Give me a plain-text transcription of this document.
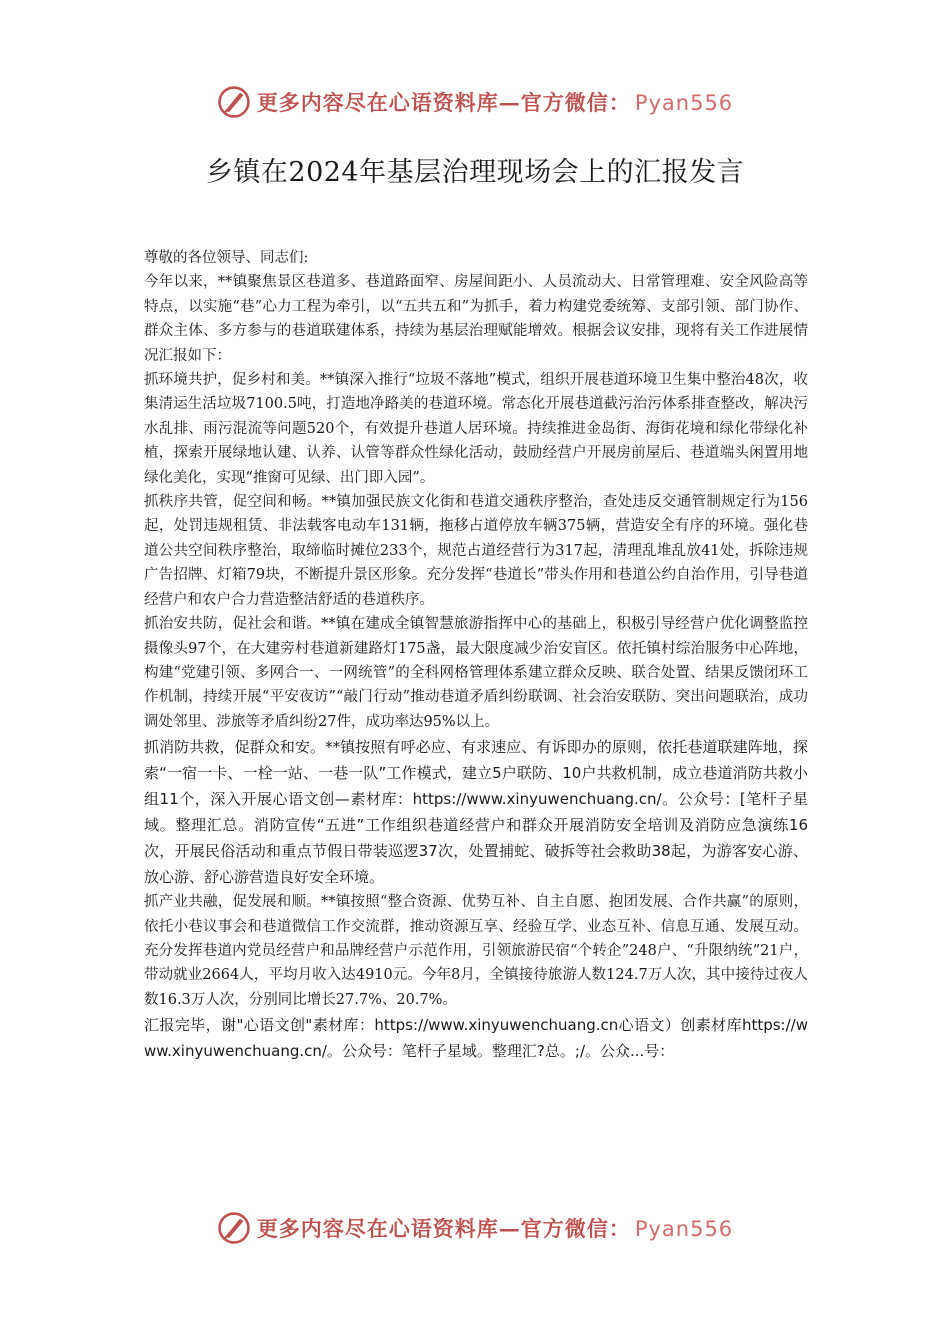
更多内容尽在心语资料库—官方微信： Pyan556
乡镇在2024年基层治理现场会上的汇报发言

尊敬的各位领导、同志们:

今年以来，**镇聚焦景区巷道多、巷道路面窄、房屋间距小、人员流动大、日常管理难、安全风险高等特点，以实施“巷”心力工程为牵引，以“五共五和”为抓手，着力构建党委统筹、支部引领、部门协作、群众主体、多方参与的巷道联建体系，持续为基层治理赋能增效。根据会议安排，现将有关工作进展情况汇报如下：

抓环境共护，促乡村和美。**镇深入推行“垃圾不落地”模式，组织开展巷道环境卫生集中整治48次，收集清运生活垃圾7100.5吨，打造地净路美的巷道环境。常态化开展巷道截污治污体系排查整改，解决污水乱排、雨污混流等问题520个，有效提升巷道人居环境。持续推进金岛街、海街花境和绿化带绿化补植，探索开展绿地认建、认养、认管等群众性绿化活动，鼓励经营户开展房前屋后、巷道端头闲置用地绿化美化，实现“推窗可见绿、出门即入园”。

抓秩序共管，促空间和畅。**镇加强民族文化街和巷道交通秩序整治，查处违反交通管制规定行为156起，处罚违规租赁、非法载客电动车131辆，拖移占道停放车辆375辆，营造安全有序的环境。强化巷道公共空间秩序整治，取缔临时摊位233个，规范占道经营行为317起，清理乱堆乱放41处，拆除违规广告招牌、灯箱79块，不断提升景区形象。充分发挥“巷道长”带头作用和巷道公约自治作用，引导巷道经营户和农户合力营造整洁舒适的巷道秩序。

抓治安共防，促社会和谐。**镇在建成全镇智慧旅游指挥中心的基础上，积极引导经营户优化调整监控摄像头97个，在大建旁村巷道新建路灯175盏，最大限度减少治安盲区。依托镇村综治服务中心阵地，构建“党建引领、多网合一、一网统管”的全科网格管理体系建立群众反映、联合处置、结果反馈闭环工作机制，持续开展“平安夜访”“敲门行动”推动巷道矛盾纠纷联调、社会治安联防、突出问题联治，成功调处邻里、涉旅等矛盾纠纷27件，成功率达95%以上。

抓消防共救，促群众和安。**镇按照有呼必应、有求速应、有诉即办的原则，依托巷道联建阵地，探索“一宿一卡、一栓一站、一巷一队”工作模式，建立5户联防、10户共救机制，成立巷道消防共救小组11个，深入开展心语文创—素材库：https://www.xinyuwenchuang.cn/。公众号：[笔杆子星域。整理汇总。消防宣传“五进”工作组织巷道经营户和群众开展消防安全培训及消防应急演练16次，开展民俗活动和重点节假日带装巡逻37次，处置捕蛇、破拆等社会救助38起，为游客安心游、放心游、舒心游营造良好安全环境。

抓产业共融，促发展和顺。**镇按照“整合资源、优势互补、自主自愿、抱团发展、合作共赢”的原则，依托小巷议事会和巷道微信工作交流群，推动资源互享、经验互学、业态互补、信息互通、发展互动。充分发挥巷道内党员经营户和品牌经营户示范作用，引领旅游民宿“个转企”248户、“升限纳统”21户，带动就业2664人，平均月收入达4910元。今年8月，全镇接待旅游人数124.7万人次，其中接待过夜人数16.3万人次，分别同比增长27.7%、20.7%。

汇报完毕，谢"心语文创"素材库：https://www.xinyuwenchuang.cn心语文）创素材库https://www.xinyuwenchuang.cn/。公众号：笔杆子星域。整理汇?总。;/。公众...号：

更多内容尽在心语资料库—官方微信： Pyan556
